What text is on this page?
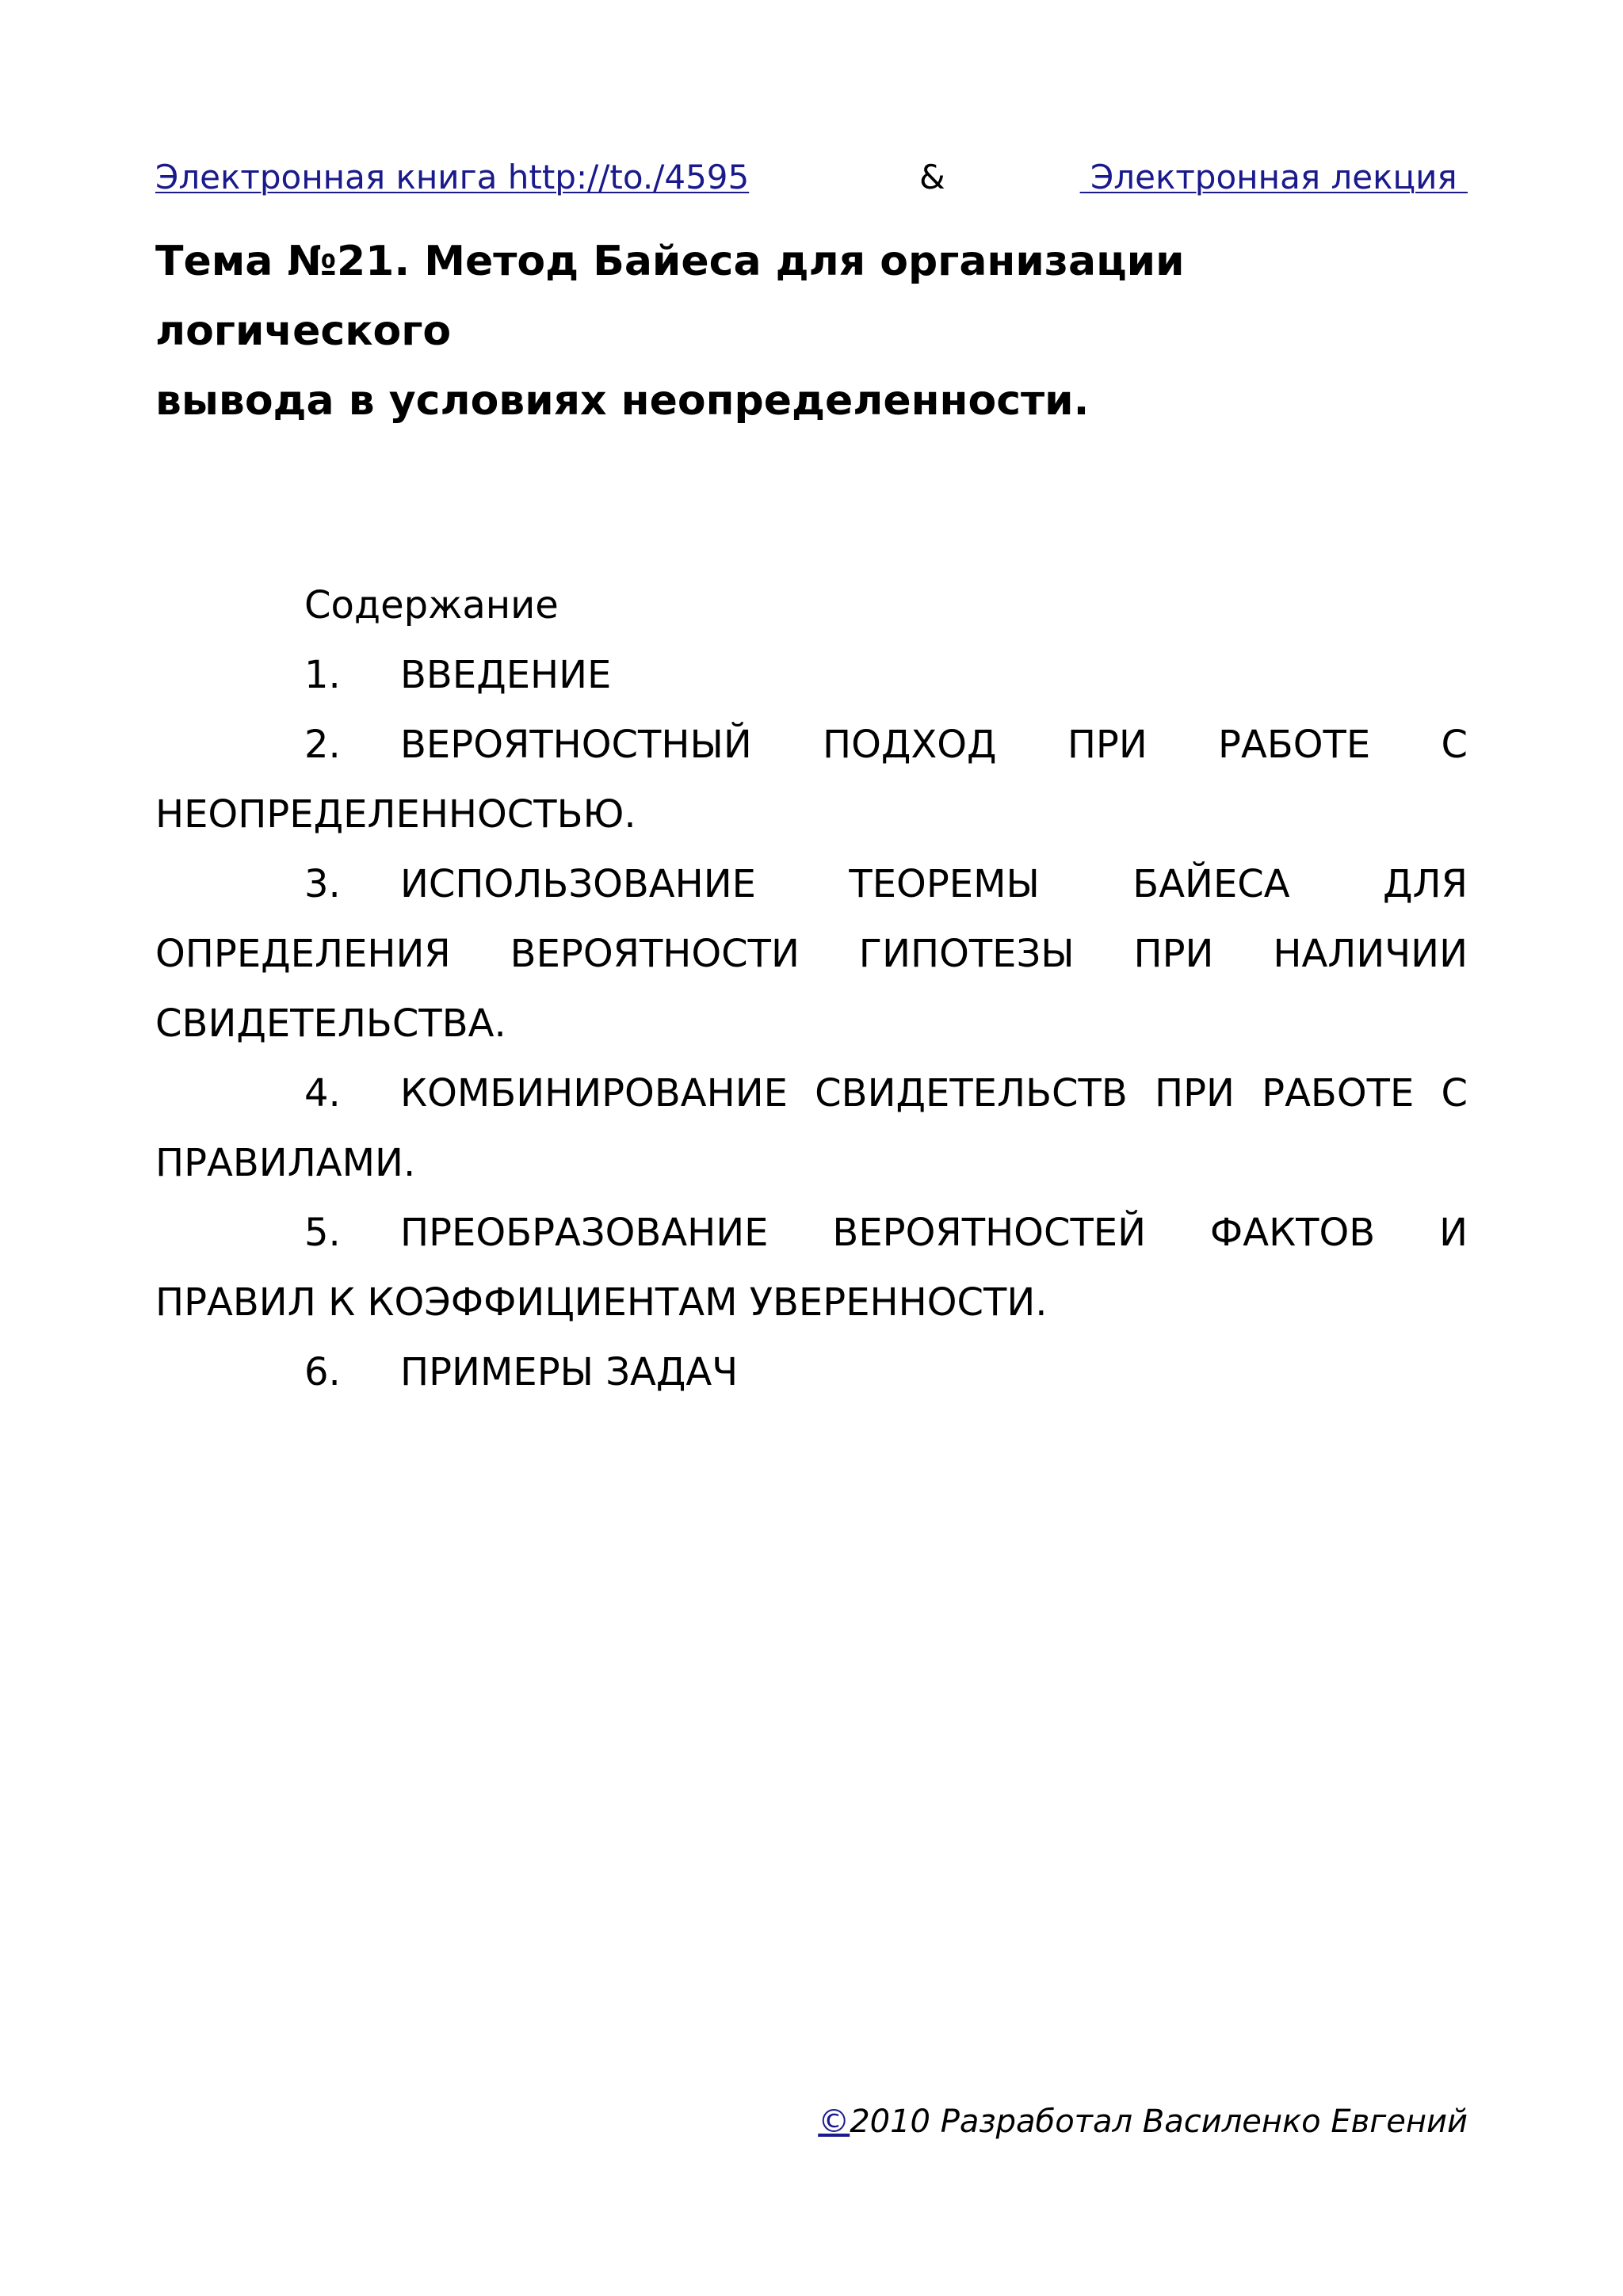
Электронная книга http://to./4595	&	Электронная лекция
Тема №21. Метод Байеса для организации логического
вывода в условиях неопределенности.

Содержание

1. ВВЕДЕНИЕ

2. ВЕРОЯТНОСТНЫЙ ПОДХОД ПРИ РАБОТЕ С НЕОПРЕДЕЛЕННОСТЬЮ.

3. ИСПОЛЬЗОВАНИЕ ТЕОРЕМЫ БАЙЕСА ДЛЯ ОПРЕДЕЛЕНИЯ ВЕРОЯТНОСТИ ГИПОТЕЗЫ ПРИ НАЛИЧИИ СВИДЕТЕЛЬСТВА.

4. КОМБИНИРОВАНИЕ СВИДЕТЕЛЬСТВ ПРИ РАБОТЕ С ПРАВИЛАМИ.

5. ПРЕОБРАЗОВАНИЕ ВЕРОЯТНОСТЕЙ ФАКТОВ И ПРАВИЛ К КОЭФФИЦИЕНТАМ УВЕРЕННОСТИ.

6. ПРИМЕРЫ ЗАДАЧ

©2010 Разработал Василенко Евгений
